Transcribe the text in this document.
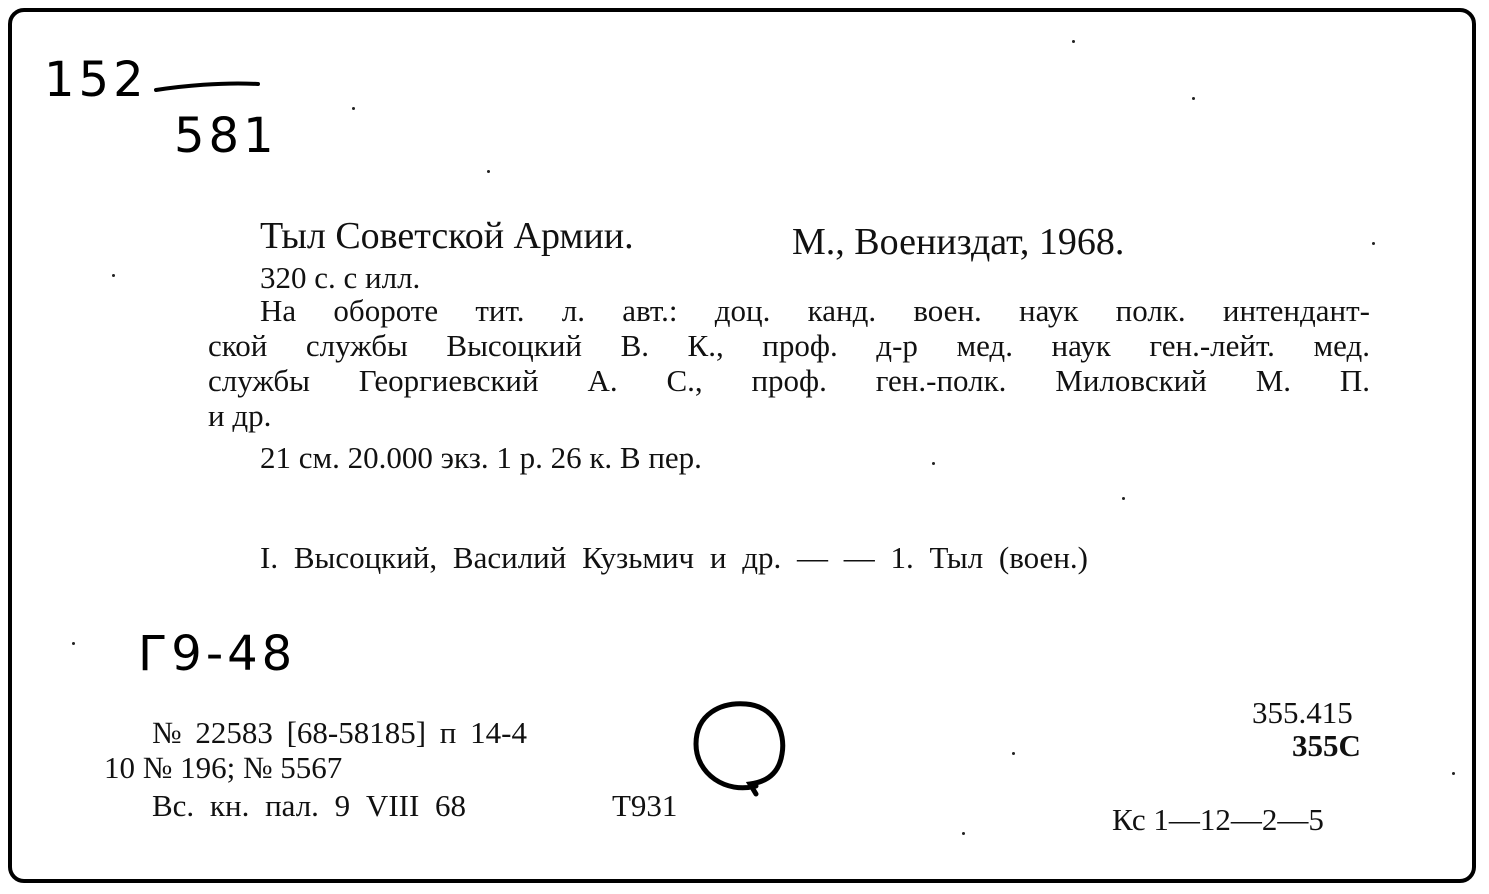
152
581
Тыл Советской Армии.	М., Воениздат, 1968.
320 с. с илл.
На обороте тит. л. авт.: доц. канд. воен. наук полк. интендант-
ской службы Высоцкий В. К., проф. д-р мед. наук ген.-лейт. мед.
службы Георгиевский А. С., проф. ген.-полк. Миловский М. П.
и др.
21 см. 20.000 экз. 1 р. 26 к. В пер.
I. Высоцкий, Василий Кузьмич и др. — — 1. Тыл (воен.)
Г9-48
№ 22583 [68-58185] п 14-4
10 № 196; № 5567
Вс. кн. пал. 9 VIII 68	Т931
355.415
355С
Кс 1—12—2—5
